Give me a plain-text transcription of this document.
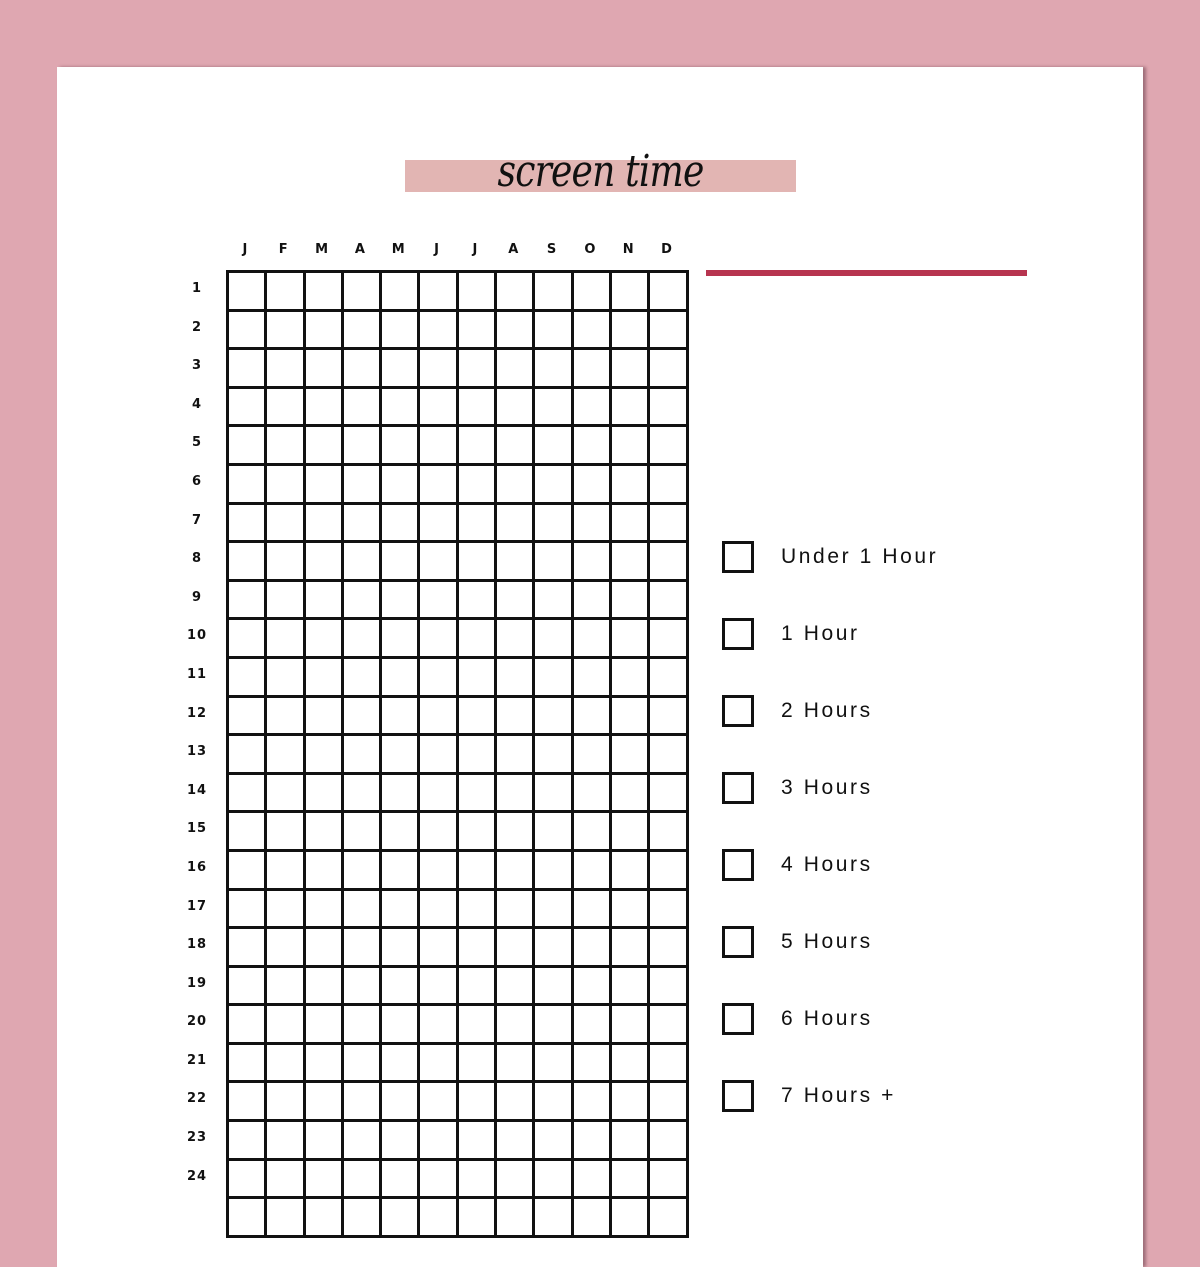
screen time
J	F	M	A	M	J	J	A	S	O	N	D
1
2
3
4
5
6
7
8
9
10
11
12
13
14
15
16
17
18
19
20
21
22
23
24
Under 1 Hour
1 Hour
2 Hours
3 Hours
4 Hours
5 Hours
6 Hours
7 Hours +
